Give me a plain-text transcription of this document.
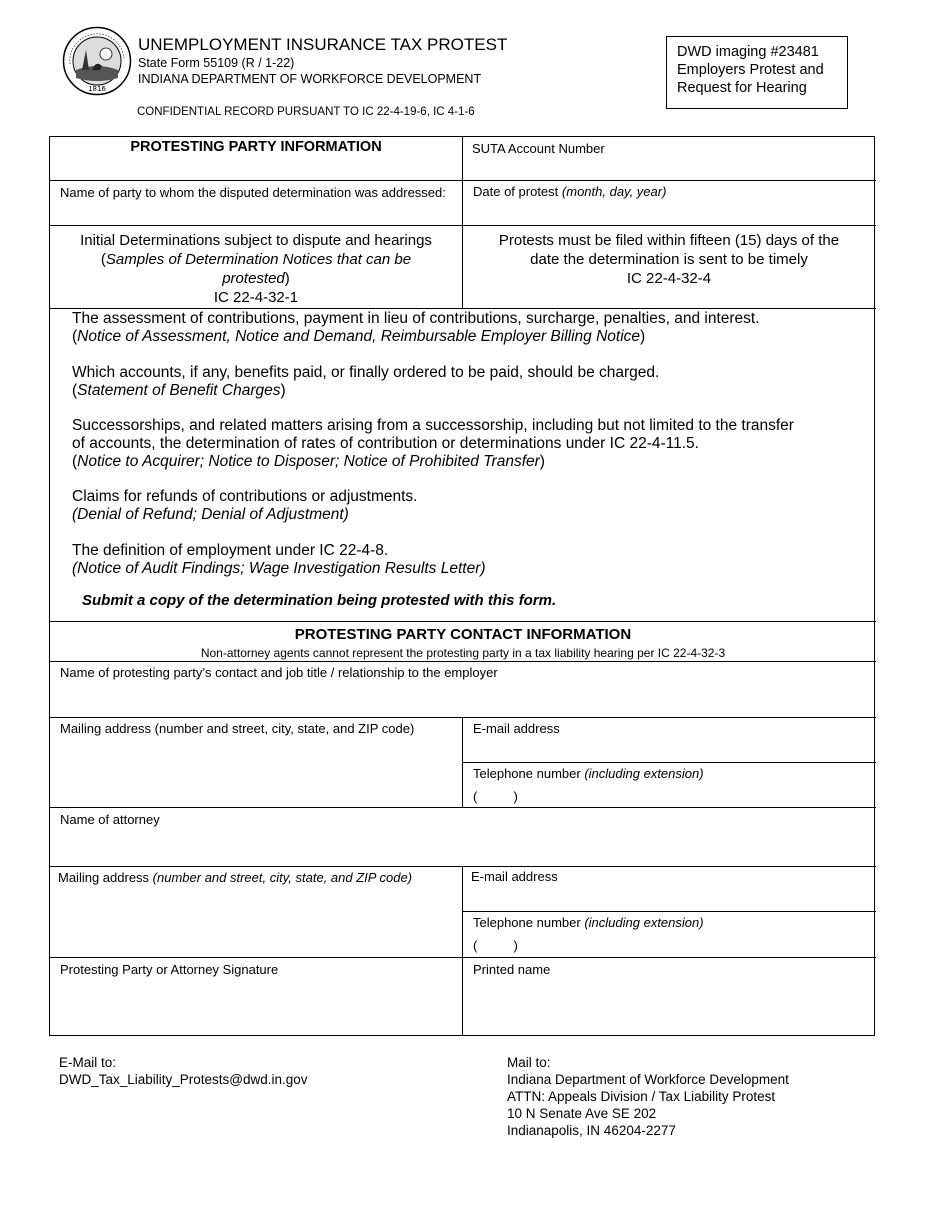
1816
UNEMPLOYMENT INSURANCE TAX PROTEST
State Form 55109 (R / 1-22)
INDIANA DEPARTMENT OF WORKFORCE DEVELOPMENT
CONFIDENTIAL RECORD PURSUANT TO IC 22-4-19-6, IC 4-1-6
DWD imaging #23481
Employers Protest and
Request for Hearing
PROTESTING PARTY INFORMATION	SUTA Account Number
Name of party to whom the disputed determination was addressed: Date of protest (month, day, year)
Initial Determinations subject to dispute and hearings
(Samples of Determination Notices that can be
protested)
IC 22-4-32-1
Protests must be filed within fifteen (15) days of the
date the determination is sent to be timely
IC 22-4-32-4
The assessment of contributions, payment in lieu of contributions, surcharge, penalties, and interest.
(Notice of Assessment, Notice and Demand, Reimbursable Employer Billing Notice)
Which accounts, if any, benefits paid, or finally ordered to be paid, should be charged.
(Statement of Benefit Charges)
Successorships, and related matters arising from a successorship, including but not limited to the transfer
of accounts, the determination of rates of contribution or determinations under IC 22-4-11.5.
(Notice to Acquirer; Notice to Disposer; Notice of Prohibited Transfer)
Claims for refunds of contributions or adjustments.
(Denial of Refund; Denial of Adjustment)
The definition of employment under IC 22-4-8.
(Notice of Audit Findings; Wage Investigation Results Letter)
Submit a copy of the determination being protested with this form.
PROTESTING PARTY CONTACT INFORMATION
Non-attorney agents cannot represent the protesting party in a tax liability hearing per IC 22-4-32-3
Name of protesting party’s contact and job title / relationship to the employer
Mailing address (number and street, city, state, and ZIP code)	E-mail address
Telephone number (including extension)
(          )
Name of attorney
Mailing address (number and street, city, state, and ZIP code)	E-mail address
Telephone number (including extension)
(          )
Protesting Party or Attorney Signature	Printed name
E-Mail to:
DWD_Tax_Liability_Protests@dwd.in.gov
Mail to:
Indiana Department of Workforce Development
ATTN: Appeals Division / Tax Liability Protest
10 N Senate Ave SE 202
Indianapolis, IN 46204-2277
